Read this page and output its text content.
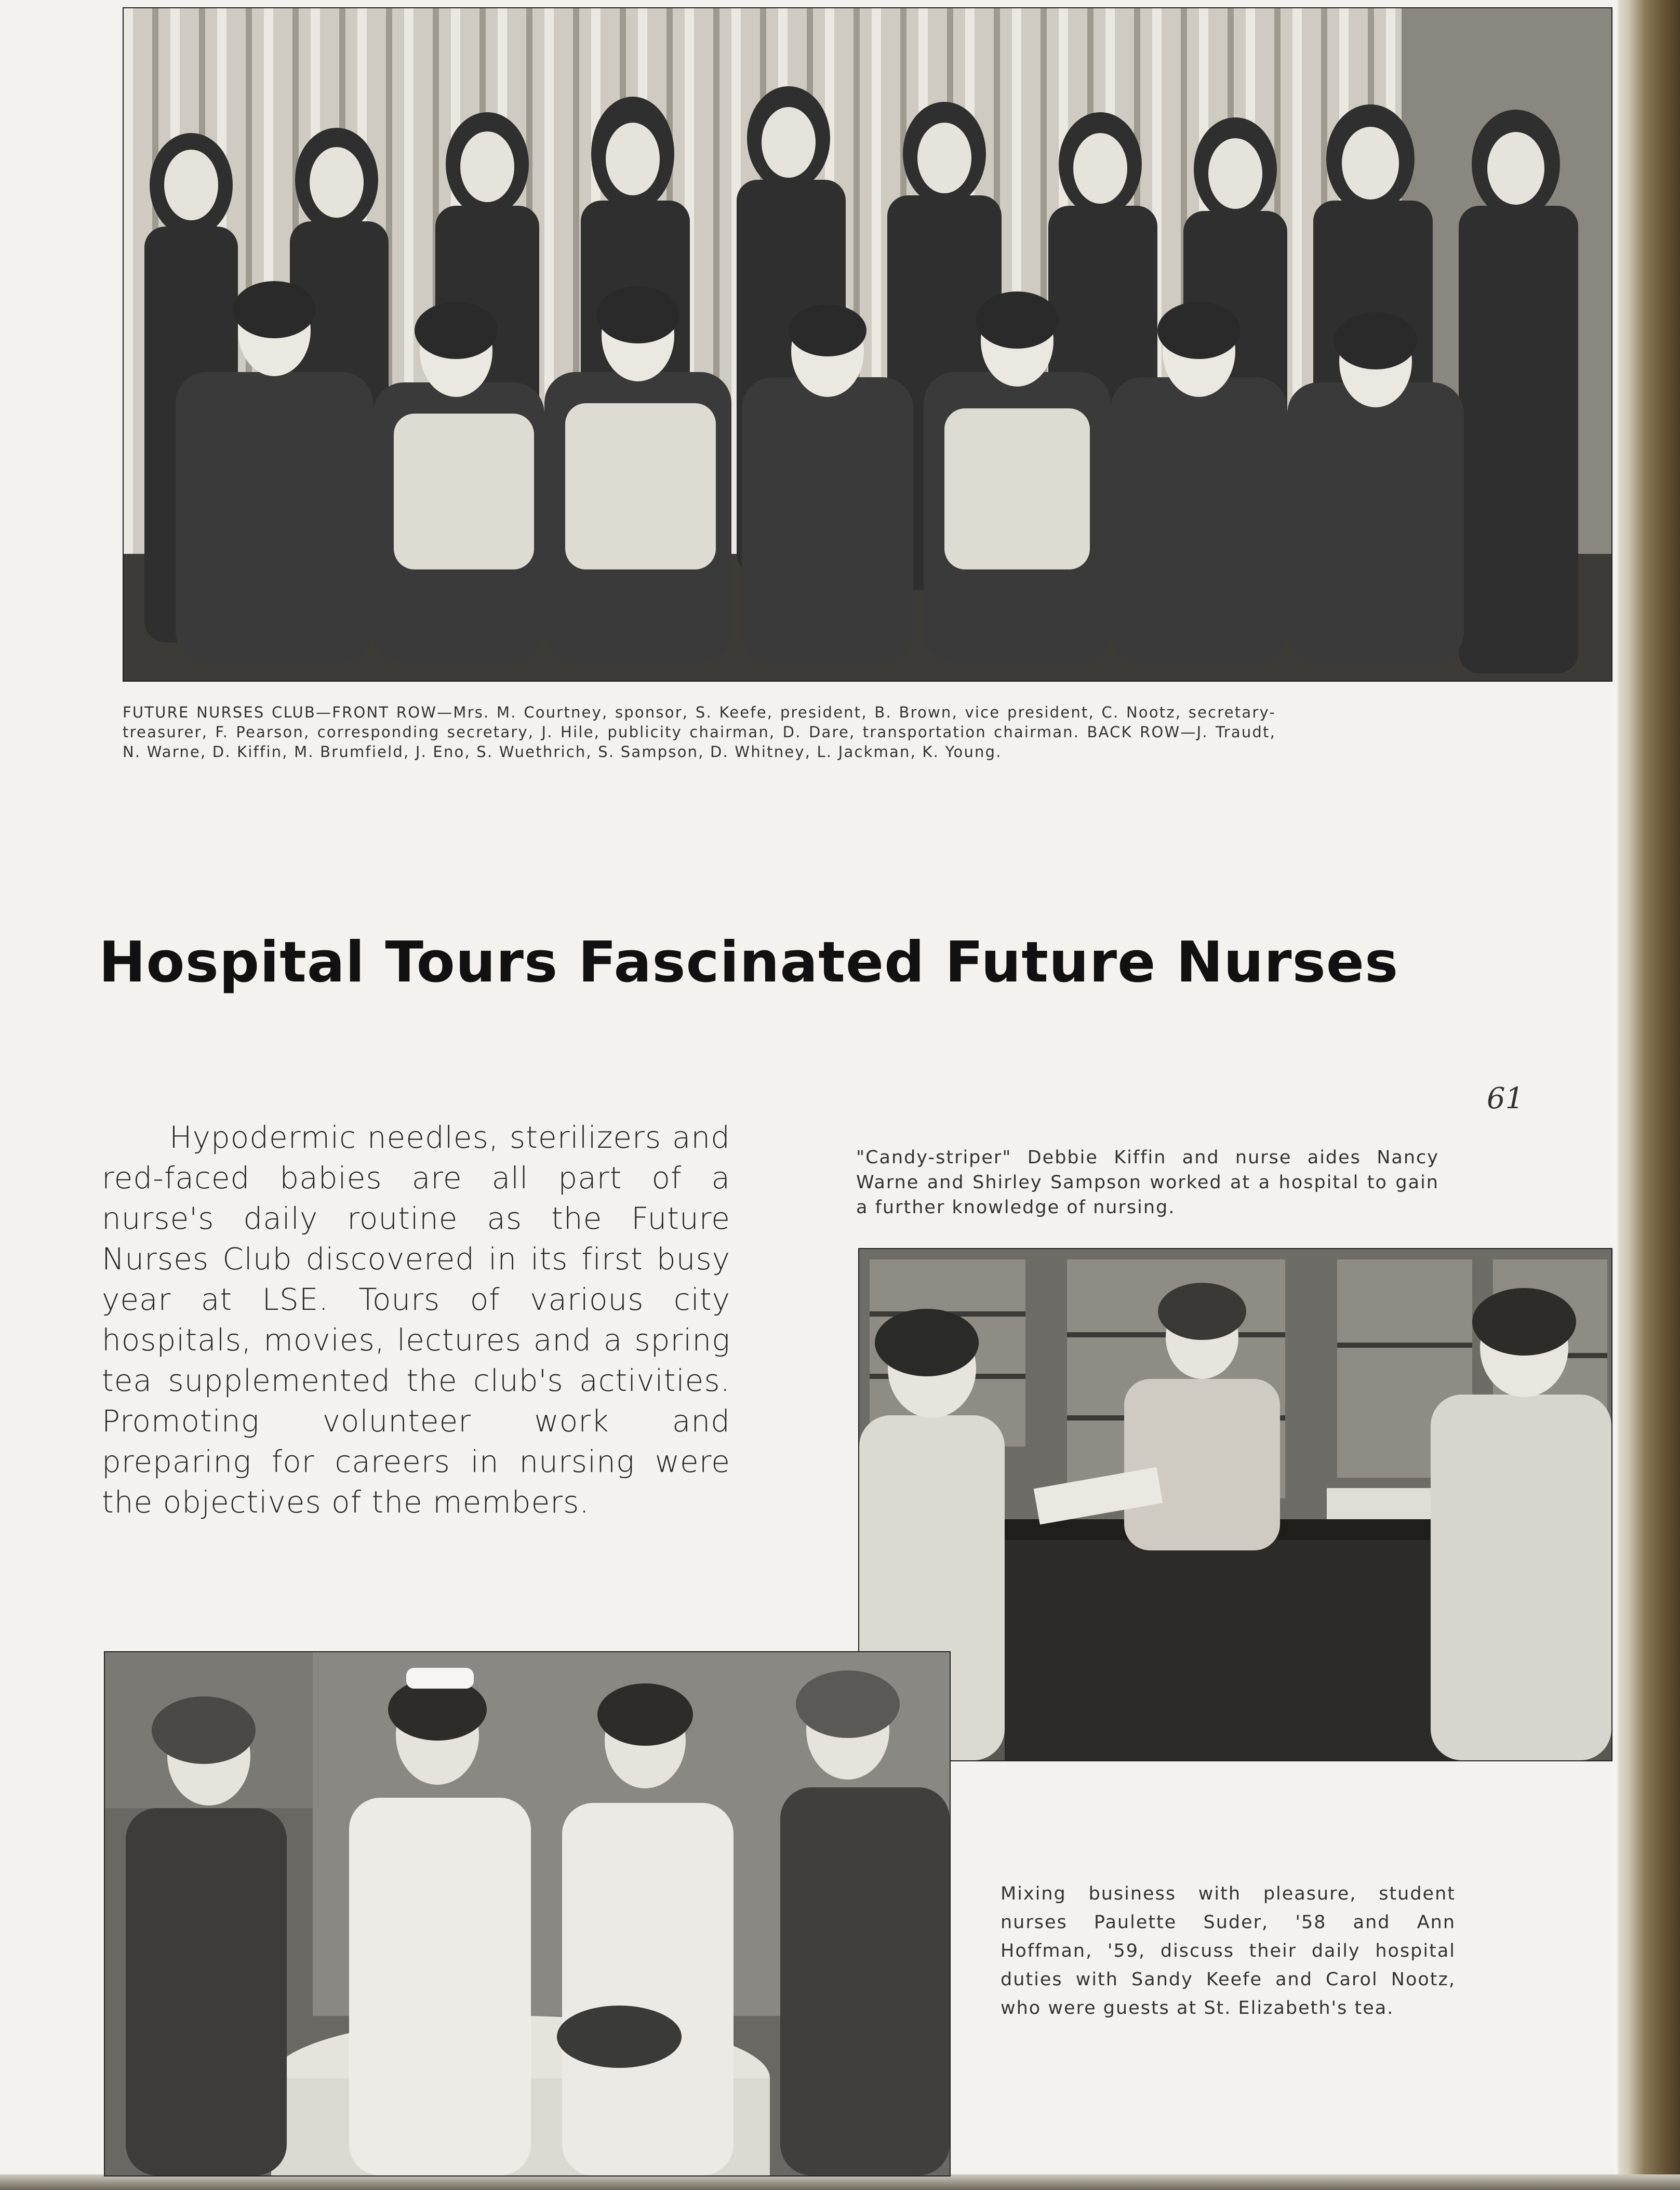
FUTURE NURSES CLUB—FRONT ROW—Mrs. M. Courtney, sponsor, S. Keefe, president, B. Brown, vice president, C. Nootz, secretary-treasurer, F. Pearson, corresponding secretary, J. Hile, publicity chairman, D. Dare, transportation chairman. BACK ROW—J. Traudt, N. Warne, D. Kiffin, M. Brumfield, J. Eno, S. Wuethrich, S. Sampson, D. Whitney, L. Jackman, K. Young.
Hospital Tours Fascinated Future Nurses
61
Hypodermic needles, sterilizers and red-faced babies are all part of a nurse's daily routine as the Future Nurses Club discovered in its first busy year at LSE. Tours of various city hospitals, movies, lectures and a spring tea supplemented the club's activities. Promoting volunteer work and preparing for careers in nursing were the objectives of the members.
"Candy-striper" Debbie Kiffin and nurse aides Nancy Warne and Shirley Sampson worked at a hospital to gain a further knowledge of nursing.
Mixing business with pleasure, student nurses Paulette Suder, '58 and Ann Hoffman, '59, discuss their daily hospital duties with Sandy Keefe and Carol Nootz, who were guests at St. Elizabeth's tea.
